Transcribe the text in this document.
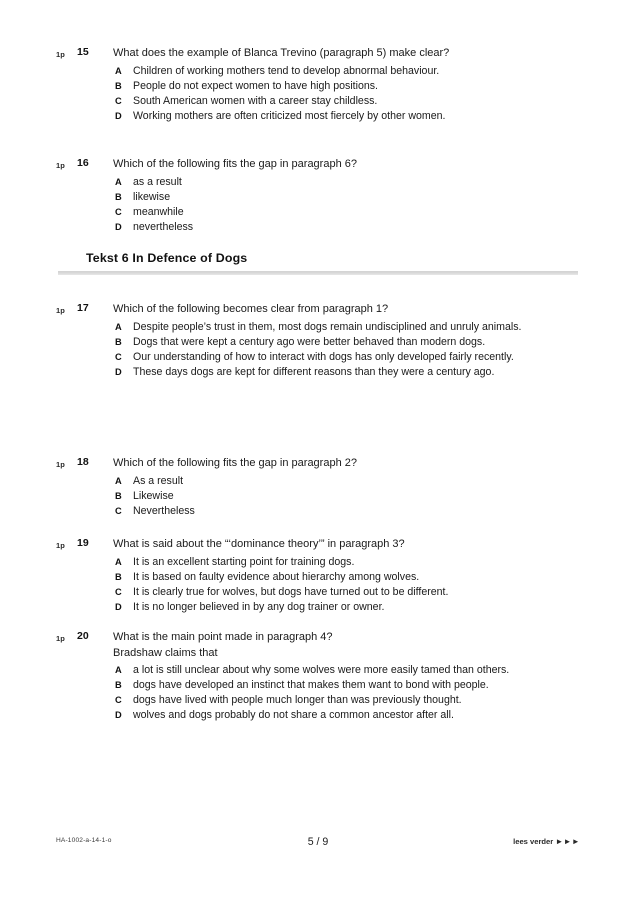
1p 15 What does the example of Blanca Trevino (paragraph 5) make clear?

A Children of working mothers tend to develop abnormal behaviour.
B People do not expect women to have high positions.
C South American women with a career stay childless.
D Working mothers are often criticized most fiercely by other women.
1p 16 Which of the following fits the gap in paragraph 6?

A as a result
B likewise
C meanwhile
D nevertheless
Tekst 6 In Defence of Dogs
1p 17 Which of the following becomes clear from paragraph 1?

A Despite people’s trust in them, most dogs remain undisciplined and unruly animals.
B Dogs that were kept a century ago were better behaved than modern dogs.
C Our understanding of how to interact with dogs has only developed fairly recently.
D These days dogs are kept for different reasons than they were a century ago.
1p 18 Which of the following fits the gap in paragraph 2?

A As a result
B Likewise
C Nevertheless
1p 19 What is said about the “‘dominance theory’” in paragraph 3?

A It is an excellent starting point for training dogs.
B It is based on faulty evidence about hierarchy among wolves.
C It is clearly true for wolves, but dogs have turned out to be different.
D It is no longer believed in by any dog trainer or owner.
1p 20 What is the main point made in paragraph 4?

Bradshaw claims that

A a lot is still unclear about why some wolves were more easily tamed than others.
B dogs have developed an instinct that makes them want to bond with people.
C dogs have lived with people much longer than was previously thought.
D wolves and dogs probably do not share a common ancestor after all.
HA-1002-a-14-1-o	5 / 9	lees verder ►►►
